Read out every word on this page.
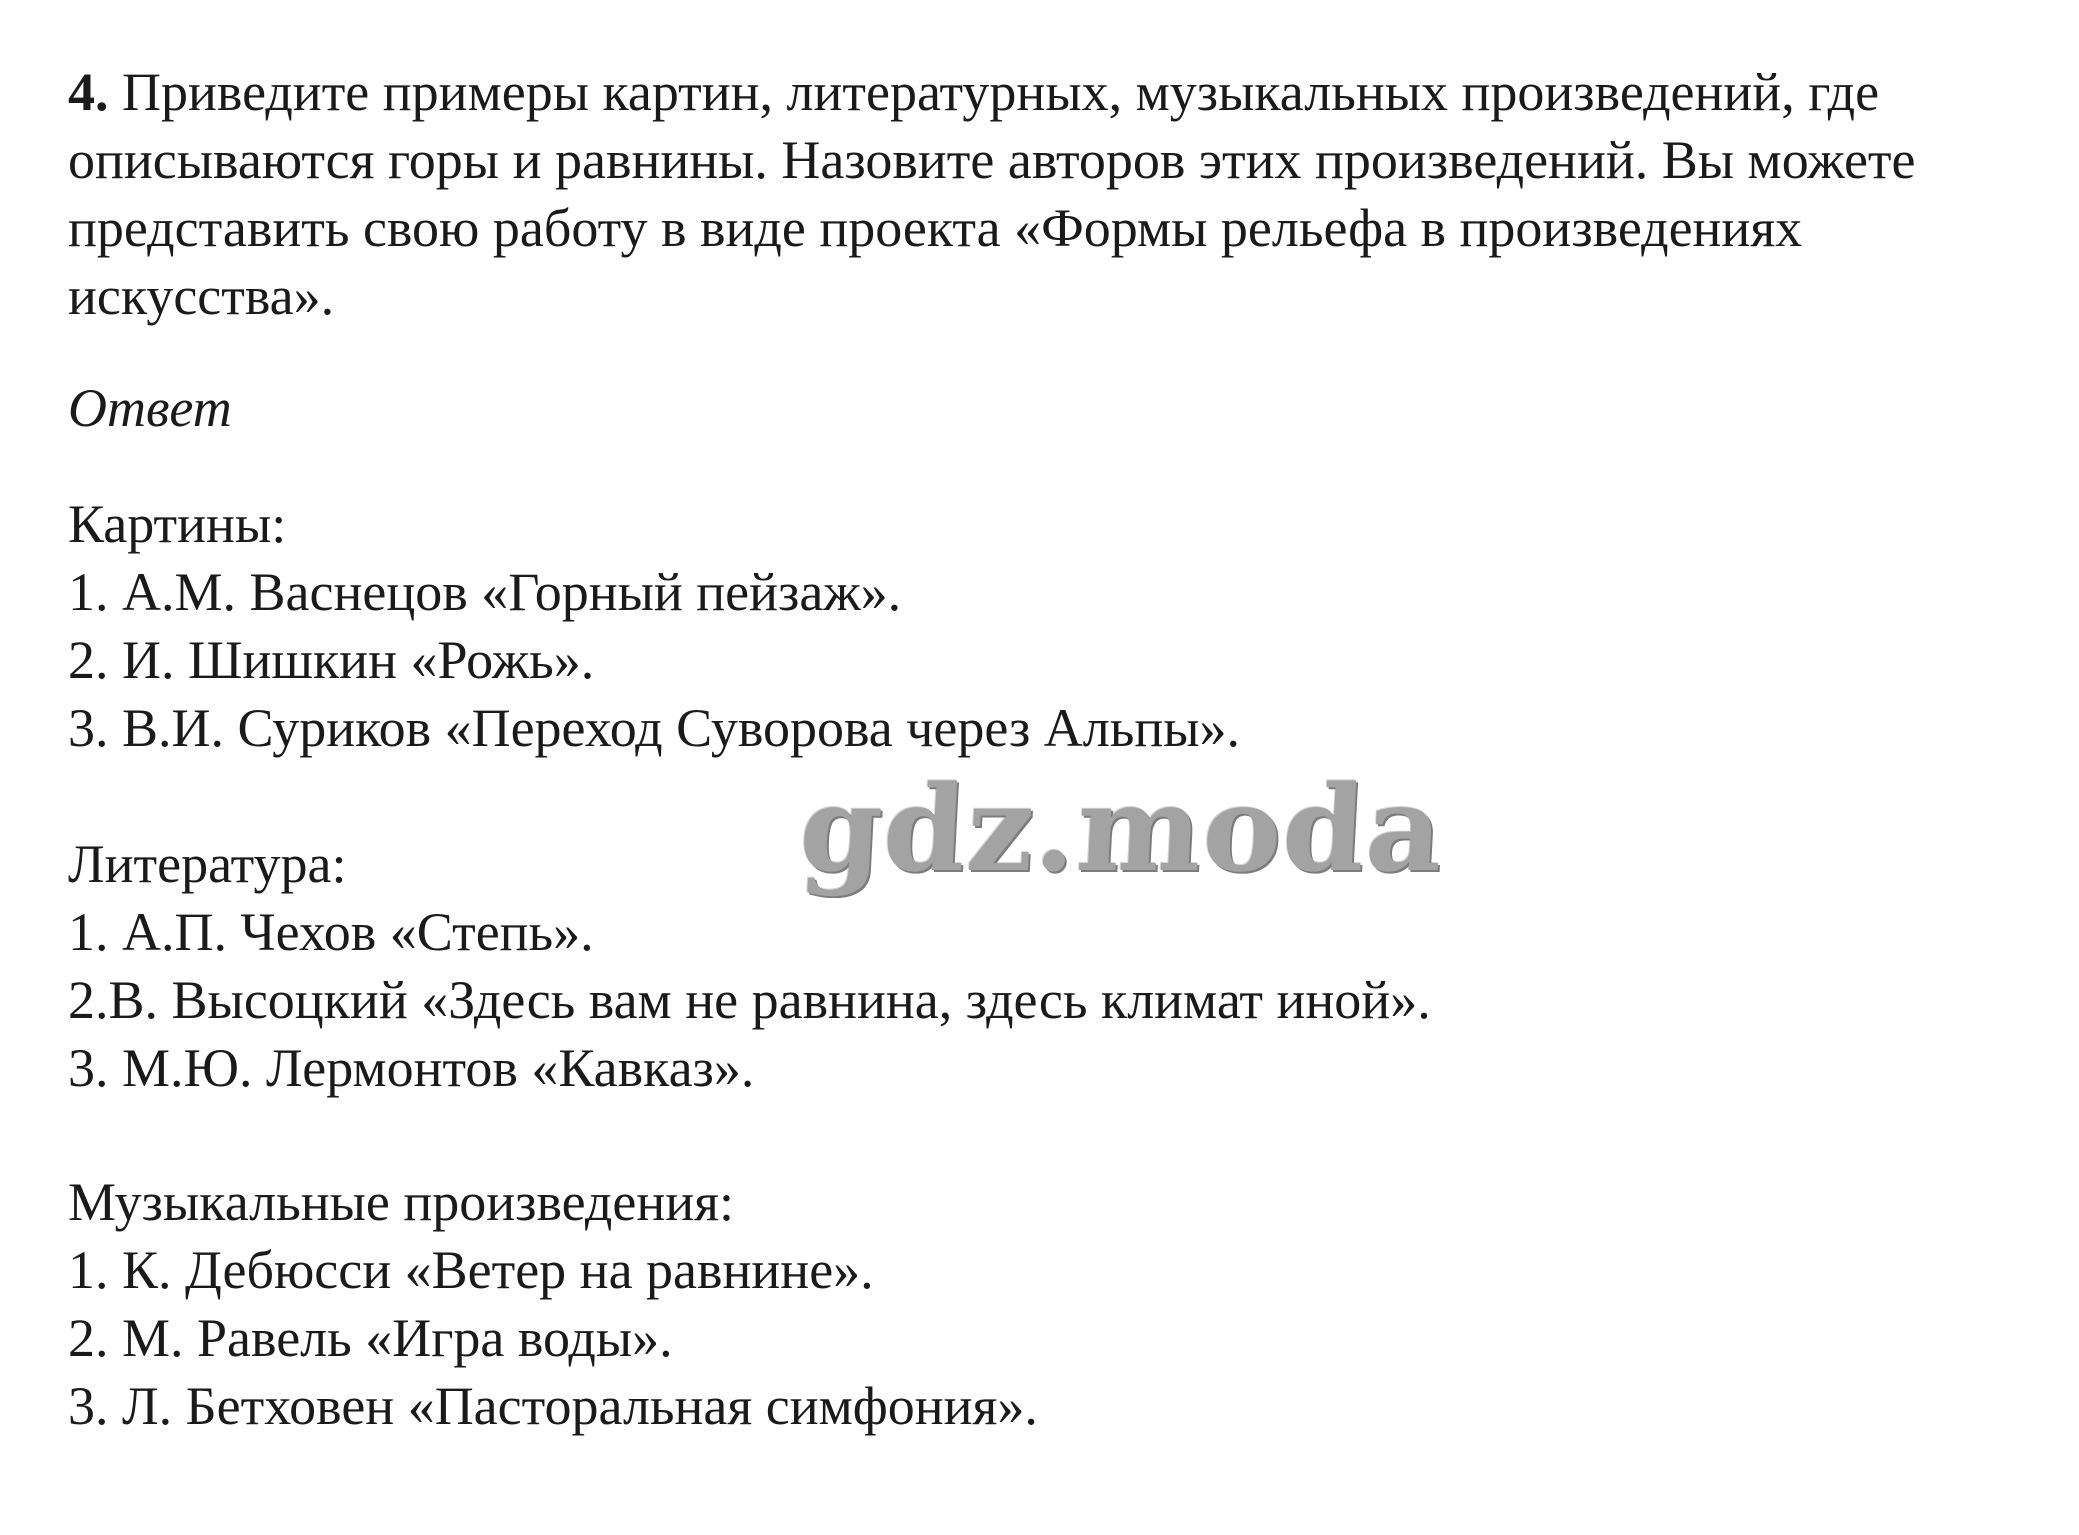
4. Приведите примеры картин, литературных, музыкальных произведений, где описываются горы и равнины. Назовите авторов этих произведений. Вы можете представить свою работу в виде проекта «Формы рельефа в произведениях искусства».

Ответ

Картины:
1. А.М. Васнецов «Горный пейзаж».
2. И. Шишкин «Рожь».
3. В.И. Суриков «Переход Суворова через Альпы».
Литература:
1. А.П. Чехов «Степь».
2.В. Высоцкий «Здесь вам не равнина, здесь климат иной».
3. М.Ю. Лермонтов «Кавказ».
Музыкальные произведения:
1. К. Дебюсси «Ветер на равнине».
2. М. Равель «Игра воды».
3. Л. Бетховен «Пасторальная симфония».
gdz.moda
